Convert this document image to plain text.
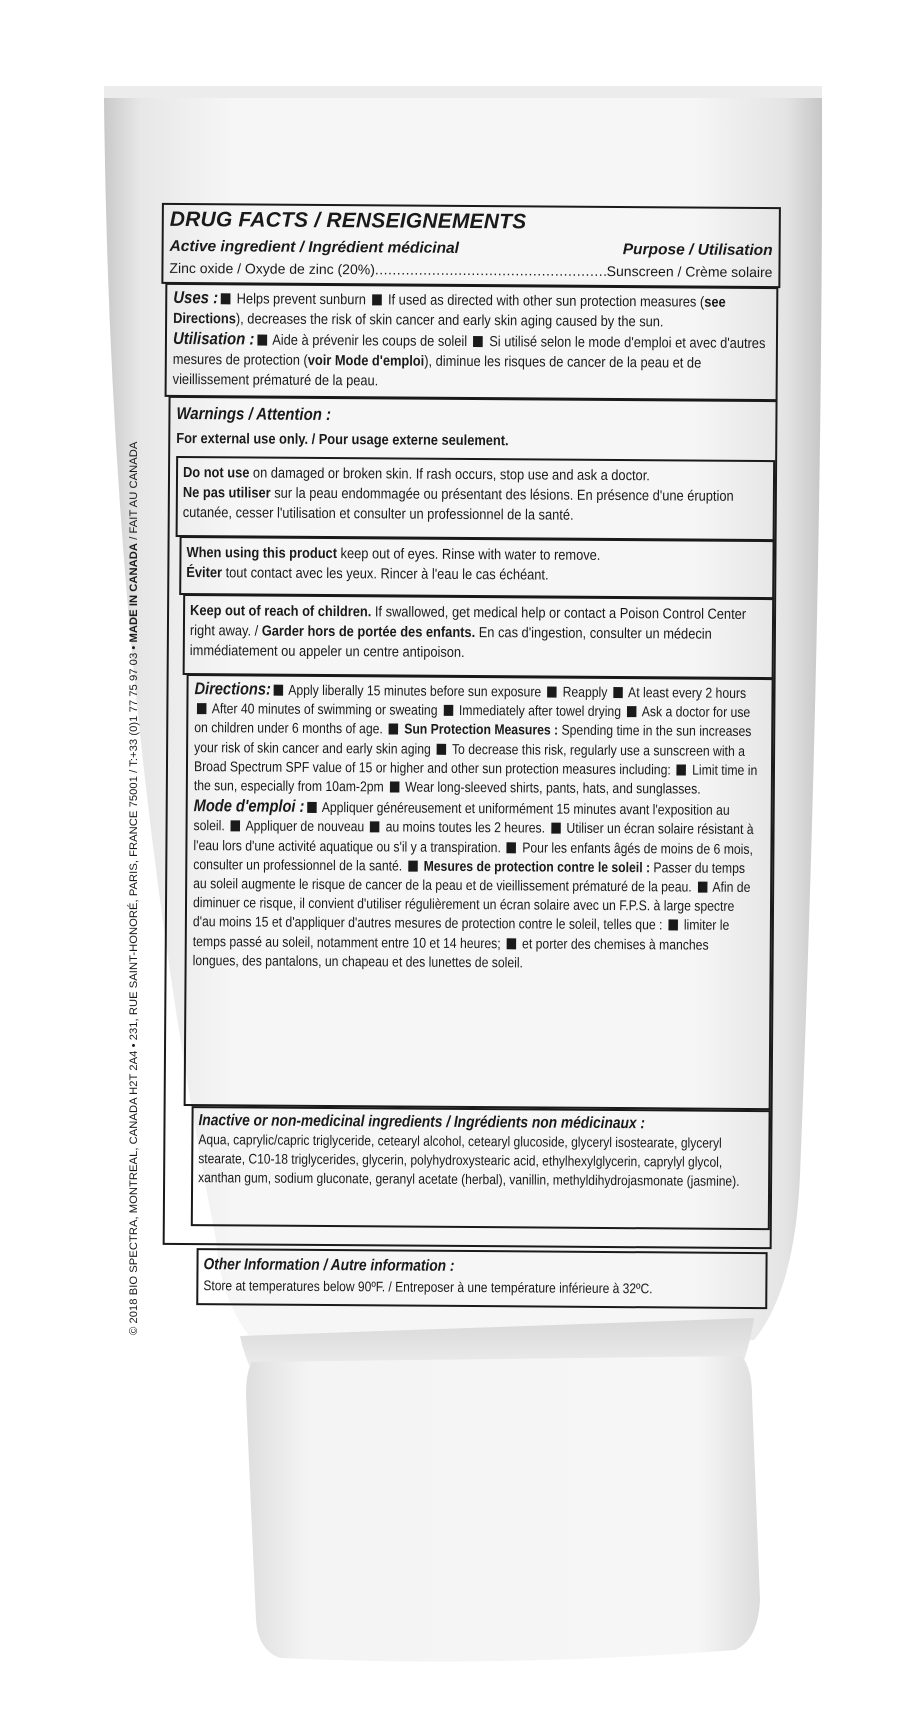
© 2018 BIO SPECTRA, MONTREAL, CANADA H2T 2A4 • 231, RUE SAINT-HONORÉ, PARIS, FRANCE 75001 / T:+33 (0)1 77 75 97 03 • MADE IN CANADA / FAIT AU CANADA
DRUG FACTS / RENSEIGNEMENTS
Active ingredient / Ingrédient médicinal	Purpose / Utilisation
Zinc oxide / Oxyde de zinc (20%)
.....	Sunscreen / Crème solaire
Uses : Helps prevent sunburn  If used as directed with other sun protection measures (see Directions), decreases the risk of skin cancer and early skin aging caused by the sun.
Utilisation : Aide à prévenir les coups de soleil  Si utilisé selon le mode d'emploi et avec d'autres mesures de protection (voir Mode d'emploi), diminue les risques de cancer de la peau et de vieillissement prématuré de la peau.
Warnings / Attention :
For external use only. / Pour usage externe seulement.
Do not use on damaged or broken skin. If rash occurs, stop use and ask a doctor.
Ne pas utiliser sur la peau endommagée ou présentant des lésions. En présence d'une éruption cutanée, cesser l'utilisation et consulter un professionnel de la santé.
When using this product keep out of eyes. Rinse with water to remove.
Éviter tout contact avec les yeux. Rincer à l'eau le cas échéant.
Keep out of reach of children. If swallowed, get medical help or contact a Poison Control Center right away. / Garder hors de portée des enfants. En cas d'ingestion, consulter un médecin immédiatement ou appeler un centre antipoison.
Directions: Apply liberally 15 minutes before sun exposure  Reapply  At least every 2 hours  After 40 minutes of swimming or sweating  Immediately after towel drying  Ask a doctor for use on children under 6 months of age.  Sun Protection Measures : Spending time in the sun increases your risk of skin cancer and early skin aging  To decrease this risk, regularly use a sunscreen with a Broad Spectrum SPF value of 15 or higher and other sun protection measures including:  Limit time in the sun, especially from 10am-2pm  Wear long-sleeved shirts, pants, hats, and sunglasses.
Mode d'emploi : Appliquer généreusement et uniformément 15 minutes avant l'exposition au soleil.  Appliquer de nouveau  au moins toutes les 2 heures.  Utiliser un écran solaire résistant à l'eau lors d'une activité aquatique ou s'il y a transpiration.  Pour les enfants âgés de moins de 6 mois, consulter un professionnel de la santé.  Mesures de protection contre le soleil : Passer du temps au soleil augmente le risque de cancer de la peau et de vieillissement prématuré de la peau.  Afin de diminuer ce risque, il convient d'utiliser régulièrement un écran solaire avec un F.P.S. à large spectre d'au moins 15 et d'appliquer d'autres mesures de protection contre le soleil, telles que :  limiter le temps passé au soleil, notamment entre 10 et 14 heures;  et porter des chemises à manches longues, des pantalons, un chapeau et des lunettes de soleil.
Inactive or non-medicinal ingredients / Ingrédients non médicinaux :
Aqua, caprylic/capric triglyceride, cetearyl alcohol, cetearyl glucoside, glyceryl isostearate, glyceryl stearate, C10-18 triglycerides, glycerin, polyhydroxystearic acid, ethylhexylglycerin, caprylyl glycol, xanthan gum, sodium gluconate, geranyl acetate (herbal), vanillin, methyldihydrojasmonate (jasmine).
Other Information / Autre information :
Store at temperatures below 90ºF. / Entreposer à une température inférieure à 32ºC.
